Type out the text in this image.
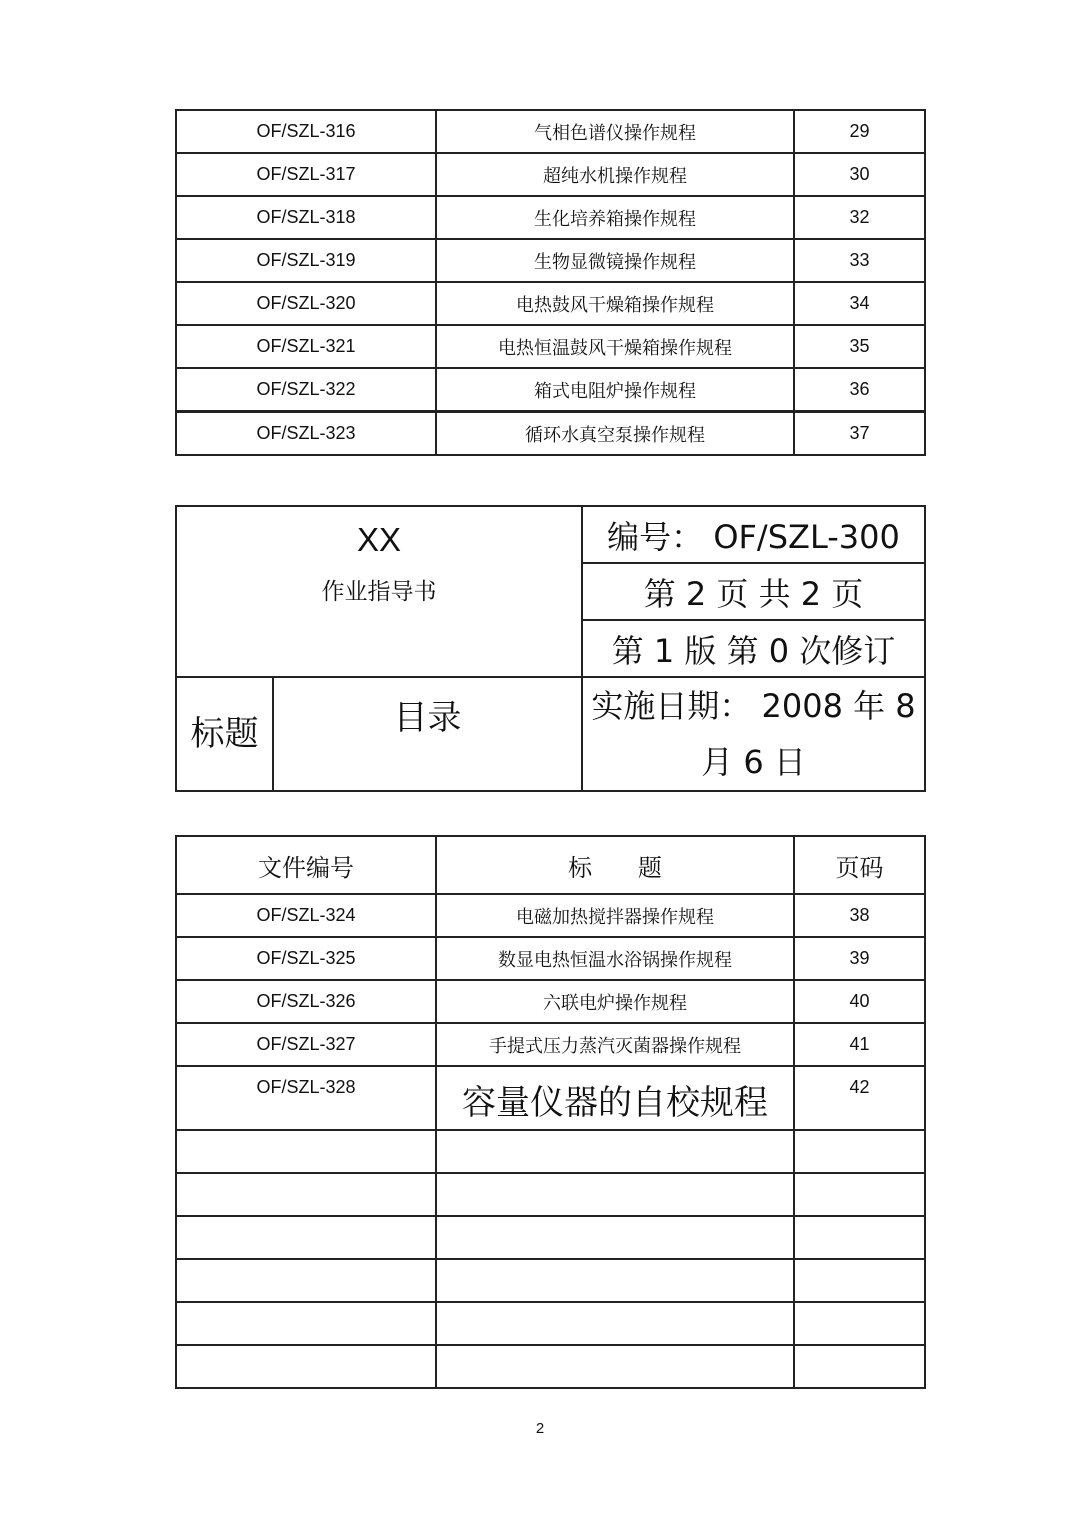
OF/SZL-316	气相色谱仪操作规程	29
OF/SZL-317	超纯水机操作规程	30
OF/SZL-318	生化培养箱操作规程	32
OF/SZL-319	生物显微镜操作规程	33
OF/SZL-320	电热鼓风干燥箱操作规程	34
OF/SZL-321	电热恒温鼓风干燥箱操作规程	35
OF/SZL-322	箱式电阻炉操作规程	36
OF/SZL-323	循环水真空泵操作规程	37
XX
作业指导书		编号： OF/SZL-300
		第 2 页 共 2 页
		第 1 版 第 0 次修订
标题	目录	实施日期： 2008 年 8
月 6 日
文件编号	标      题	页码
OF/SZL-324	电磁加热搅拌器操作规程	38
OF/SZL-325	数显电热恒温水浴锅操作规程	39
OF/SZL-326	六联电炉操作规程	40
OF/SZL-327	手提式压力蒸汽灭菌器操作规程	41
OF/SZL-328	容量仪器的自校规程	42

2
